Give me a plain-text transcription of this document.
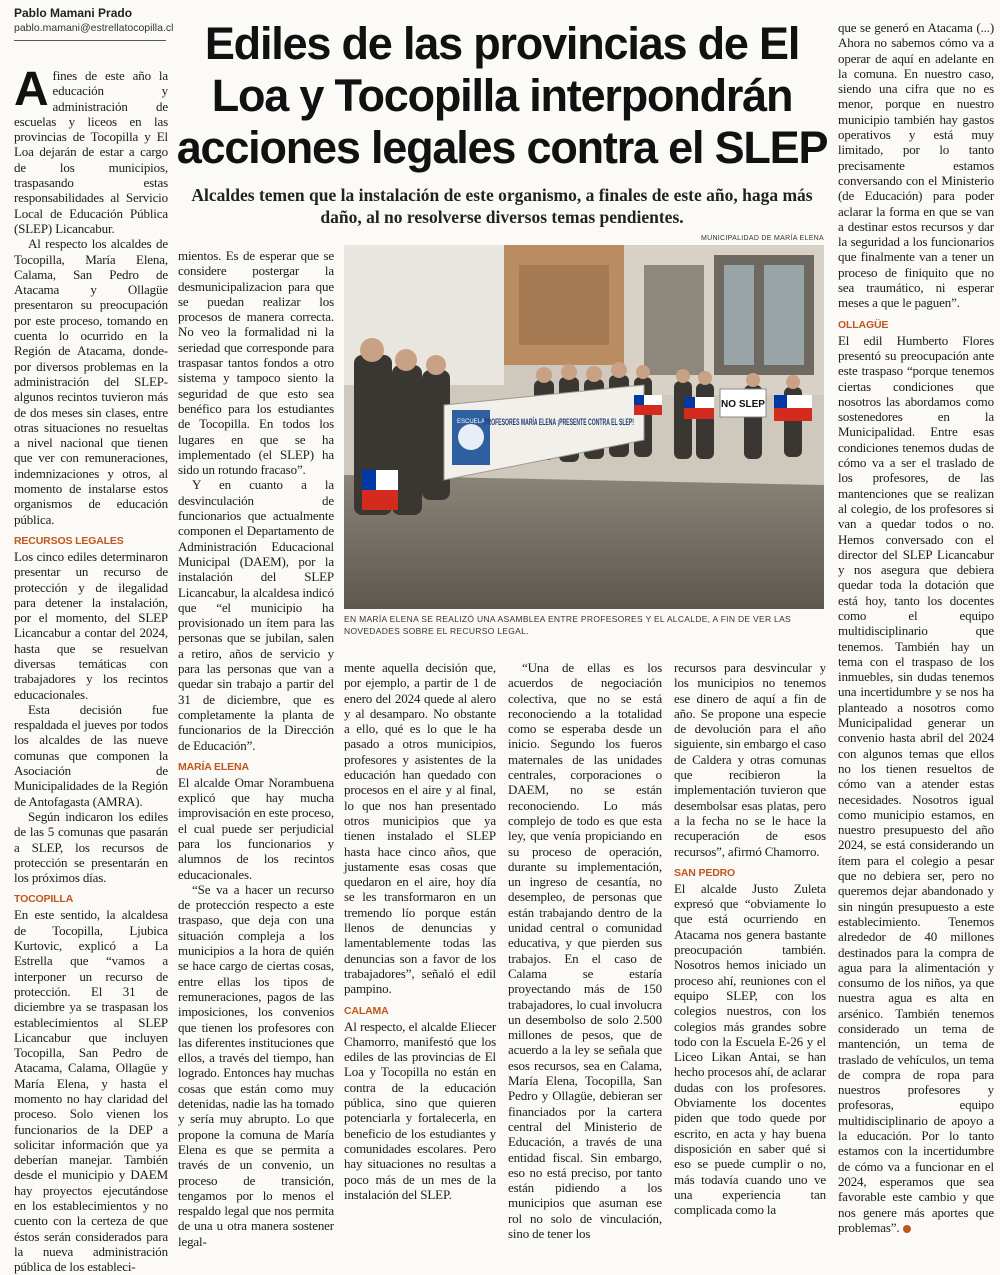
Pablo Mamani Prado
pablo.mamani@estrellatocopilla.cl Ediles de las provincias de El Loa y Tocopilla interpondrán acciones legales contra el SLEP
Alcaldes temen que la instalación de este organismo, a finales de este año, haga más daño, al no resolverse diversos temas pendientes.
MUNICIPALIDAD DE MARÍA ELENA
ESCUELA
PROFESORES MARÍA ELENA ¡PRESENTE CONTRA EL SLEP!
NO SLEP
EN MARÍA ELENA SE REALIZÓ UNA ASAMBLEA ENTRE PROFESORES Y EL ALCALDE, A FIN DE VER LAS NOVEDADES SOBRE EL RECURSO LEGAL.

Afines de este año la educación y administración de escuelas y liceos en las provincias de Tocopilla y El Loa dejarán de estar a cargo de los municipios, traspasando estas responsabilidades al Servicio Local de Educación Pública (SLEP) Licancabur.

Al respecto los alcaldes de Tocopilla, María Elena, Calama, San Pedro de Atacama y Ollagüe presentaron su preocupación por este proceso, tomando en cuenta lo ocurrido en la Región de Atacama, donde-por diversos problemas en la administración del SLEP-algunos recintos tuvieron más de dos meses sin clases, entre otras situaciones no resueltas a nivel nacional que tienen que ver con remuneraciones, indemnizaciones y otros, al momento de instalarse estos organismos de educación pública.

RECURSOS LEGALES

Los cinco ediles determinaron presentar un recurso de protección y de ilegalidad para detener la instalación, por el momento, del SLEP Licancabur a contar del 2024, hasta que se resuelvan diversas temáticas con trabajadores y los recintos educacionales.

Esta decisión fue respaldada el jueves por todos los alcaldes de las nueve comunas que componen la Asociación de Municipalidades de la Región de Antofagasta (AMRA).

Según indicaron los ediles de las 5 comunas que pasarán a SLEP, los recursos de protección se presentarán en los próximos días.

TOCOPILLA

En este sentido, la alcaldesa de Tocopilla, Ljubica Kurtovic, explicó a La Estrella que “vamos a interponer un recurso de protección. El 31 de diciembre ya se traspasan los establecimientos al SLEP Licancabur que incluyen Tocopilla, San Pedro de Atacama, Calama, Ollagüe y María Elena, y hasta el momento no hay claridad del proceso. Solo vienen los funcionarios de la DEP a solicitar información que ya deberían manejar. También desde el municipio y DAEM hay proyectos ejecutándose en los establecimientos y no cuento con la certeza de que éstos serán considerados para la nueva administración pública de los estableci-

mientos. Es de esperar que se considere postergar la desmunicipalizacion para que se puedan realizar los procesos de manera correcta. No veo la formalidad ni la seriedad que corresponde para traspasar tantos fondos a otro sistema y tampoco siento la seguridad de que esto sea benéfico para los estudiantes de Tocopilla. En todos los lugares en que se ha implementado (el SLEP) ha sido un rotundo fracaso”.

Y en cuanto a la desvinculación de funcionarios que actualmente componen el Departamento de Administración Educacional Municipal (DAEM), por la instalación del SLEP Licancabur, la alcaldesa indicó que “el municipio ha provisionado un ítem para las personas que se jubilan, salen a retiro, años de servicio y para las personas que van a quedar sin trabajo a partir del 31 de diciembre, que es completamente la planta de funcionarios de la Dirección de Educación”.

MARÍA ELENA

El alcalde Omar Norambuena explicó que hay mucha improvisación en este proceso, el cual puede ser perjudicial para los funcionarios y alumnos de los recintos educacionales.

“Se va a hacer un recurso de protección respecto a este traspaso, que deja con una situación compleja a los municipios a la hora de quién se hace cargo de ciertas cosas, entre ellas los tipos de remuneraciones, pagos de las imposiciones, los convenios que tienen los profesores con las diferentes instituciones que ellos, a través del tiempo, han logrado. Entonces hay muchas cosas que están como muy detenidas, nadie las ha tomado y sería muy abrupto. Lo que propone la comuna de María Elena es que se permita a través de un convenio, un proceso de transición, tengamos por lo menos el respaldo legal que nos permita de una u otra manera sostener legal-

mente aquella decisión que, por ejemplo, a partir de 1 de enero del 2024 quede al alero y al desamparo. No obstante a ello, qué es lo que le ha pasado a otros municipios, profesores y asistentes de la educación han quedado con procesos en el aire y al final, lo que nos han presentado otros municipios que ya tienen instalado el SLEP hasta hace cinco años, que justamente esas cosas que quedaron en el aire, hoy día se les transformaron en un tremendo lío porque están llenos de denuncias y lamentablemente todas las denuncias son a favor de los trabajadores”, señaló el edil pampino.

CALAMA

Al respecto, el alcalde Eliecer Chamorro, manifestó que los ediles de las provincias de El Loa y Tocopilla no están en contra de la educación pública, sino que quieren potenciarla y fortalecerla, en beneficio de los estudiantes y comunidades escolares. Pero hay situaciones no resultas a poco más de un mes de la instalación del SLEP.

“Una de ellas es los acuerdos de negociación colectiva, que no se está reconociendo a la totalidad como se esperaba desde un inicio. Segundo los fueros maternales de las unidades centrales, corporaciones o DAEM, no se están reconociendo. Lo más complejo de todo es que esta ley, que venía propiciando en su proceso de operación, durante su implementación, un ingreso de cesantía, no desempleo, de personas que están trabajando dentro de la unidad central o comunidad educativa, y que pierden sus trabajos. En el caso de Calama se estaría proyectando más de 150 trabajadores, lo cual involucra un desembolso de solo 2.500 millones de pesos, que de acuerdo a la ley se señala que esos recursos, sea en Calama, María Elena, Tocopilla, San Pedro y Ollagüe, debieran ser financiados por la cartera central del Ministerio de Educación, a través de una entidad fiscal. Sin embargo, eso no está preciso, por tanto están pidiendo a los municipios que asuman ese rol no solo de vinculación, sino de tener los

recursos para desvincular y los municipios no tenemos ese dinero de aquí a fin de año. Se propone una especie de devolución para el año siguiente, sin embargo el caso de Caldera y otras comunas que recibieron la implementación tuvieron que desembolsar esas platas, pero a la fecha no se le hace la recuperación de esos recursos”, afirmó Chamorro.

SAN PEDRO

El alcalde Justo Zuleta expresó que “obviamente lo que está ocurriendo en Atacama nos genera bastante preocupación también. Nosotros hemos iniciado un proceso ahí, reuniones con el equipo SLEP, con los colegios nuestros, con los colegios más grandes sobre todo con la Escuela E-26 y el Liceo Likan Antai, se han hecho procesos ahí, de aclarar dudas con los profesores. Obviamente los docentes piden que todo quede por escrito, en acta y hay buena disposición en saber qué si eso se puede cumplir o no, más todavía cuando uno ve una experiencia tan complicada como la

que se generó en Atacama (...) Ahora no sabemos cómo va a operar de aquí en adelante en la comuna. En nuestro caso, siendo una cifra que no es menor, porque en nuestro municipio también hay gastos operativos y está muy limitado, por lo tanto precisamente estamos conversando con el Ministerio (de Educación) para poder aclarar la forma en que se van a destinar estos recursos y dar la seguridad a los funcionarios que finalmente van a tener un proceso de finiquito que no sea traumático, ni esperar meses a que le paguen”.

OLLAGÜE

El edil Humberto Flores presentó su preocupación ante este traspaso “porque tenemos ciertas condiciones que nosotros las abordamos como sostenedores en la Municipalidad. Entre esas condiciones tenemos dudas de cómo va a ser el traslado de los profesores, de las mantenciones que se realizan al colegio, de los profesores si van a quedar todos o no. Hemos conversado con el director del SLEP Licancabur y nos asegura que debiera quedar toda la dotación que está hoy, tanto los docentes como el equipo multidisciplinario que tenemos. También hay un tema con el traspaso de los inmuebles, sin dudas tenemos una incertidumbre y se nos ha planteado a nosotros como Municipalidad generar un convenio hasta abril del 2024 con algunos temas que ellos no los tienen resueltos de cómo van a atender estas necesidades. Nosotros igual como municipio estamos, en nuestro presupuesto del año 2024, se está considerando un ítem para el colegio a pesar que no debiera ser, pero no queremos dejar abandonado y sin ningún presupuesto a este establecimiento. Tenemos alrededor de 40 millones destinados para la compra de agua para la alimentación y consumo de los niños, ya que nuestra agua es alta en arsénico. También tenemos considerado un tema de mantención, un tema de traslado de vehículos, un tema de compra de ropa para nuestros profesores y profesoras, equipo multidisciplinario de apoyo a la educación. Por lo tanto estamos con la incertidumbre de cómo va a funcionar en el 2024, esperamos que sea favorable este cambio y que nos genere más aportes que problemas”.
